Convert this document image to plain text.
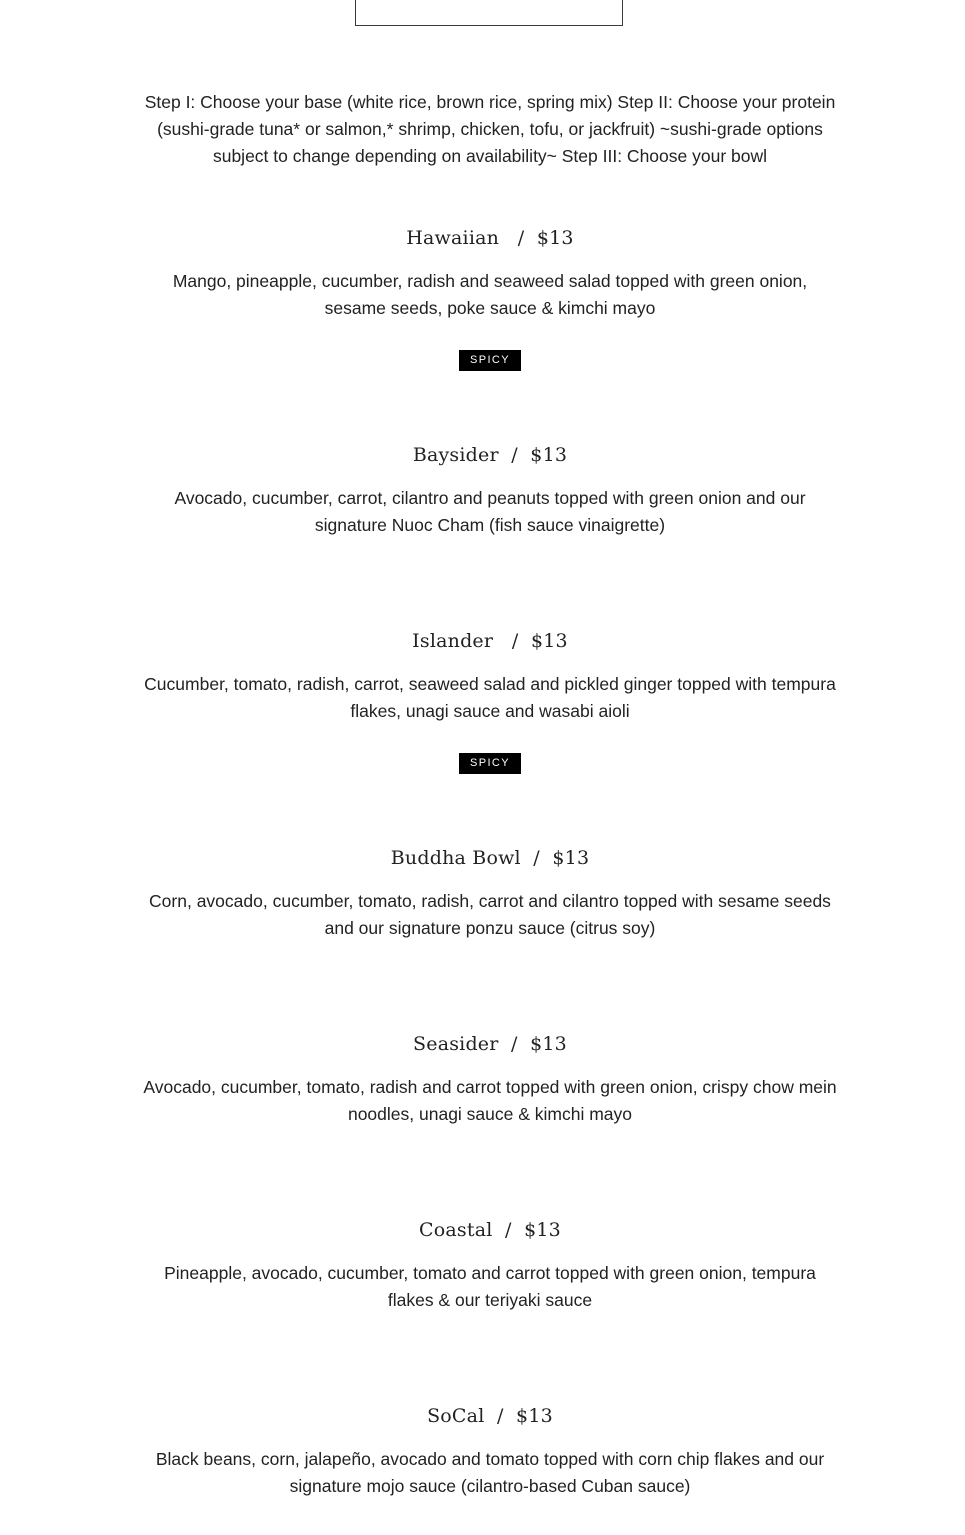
Step I: Choose your base (white rice, brown rice, spring mix) Step II: Choose your protein (sushi-grade tuna* or salmon,* shrimp, chicken, tofu, or jackfruit) ~sushi-grade options subject to change depending on availability~ Step III: Choose your bowl
Hawaiian   /  $13
Mango, pineapple, cucumber, radish and seaweed salad topped with green onion, sesame seeds, poke sauce & kimchi mayo
SPICY
Baysider  /  $13
Avocado, cucumber, carrot, cilantro and peanuts topped with green onion and our signature Nuoc Cham (fish sauce vinaigrette)
Islander   /  $13
Cucumber, tomato, radish, carrot, seaweed salad and pickled ginger topped with tempura flakes, unagi sauce and wasabi aioli
SPICY
Buddha Bowl  /  $13
Corn, avocado, cucumber, tomato, radish, carrot and cilantro topped with sesame seeds and our signature ponzu sauce (citrus soy)
Seasider  /  $13
Avocado, cucumber, tomato, radish and carrot topped with green onion, crispy chow mein noodles, unagi sauce & kimchi mayo
Coastal  /  $13
Pineapple, avocado, cucumber, tomato and carrot topped with green onion, tempura flakes & our teriyaki sauce
SoCal  /  $13
Black beans, corn, jalapeño, avocado and tomato topped with corn chip flakes and our signature mojo sauce (cilantro-based Cuban sauce)
